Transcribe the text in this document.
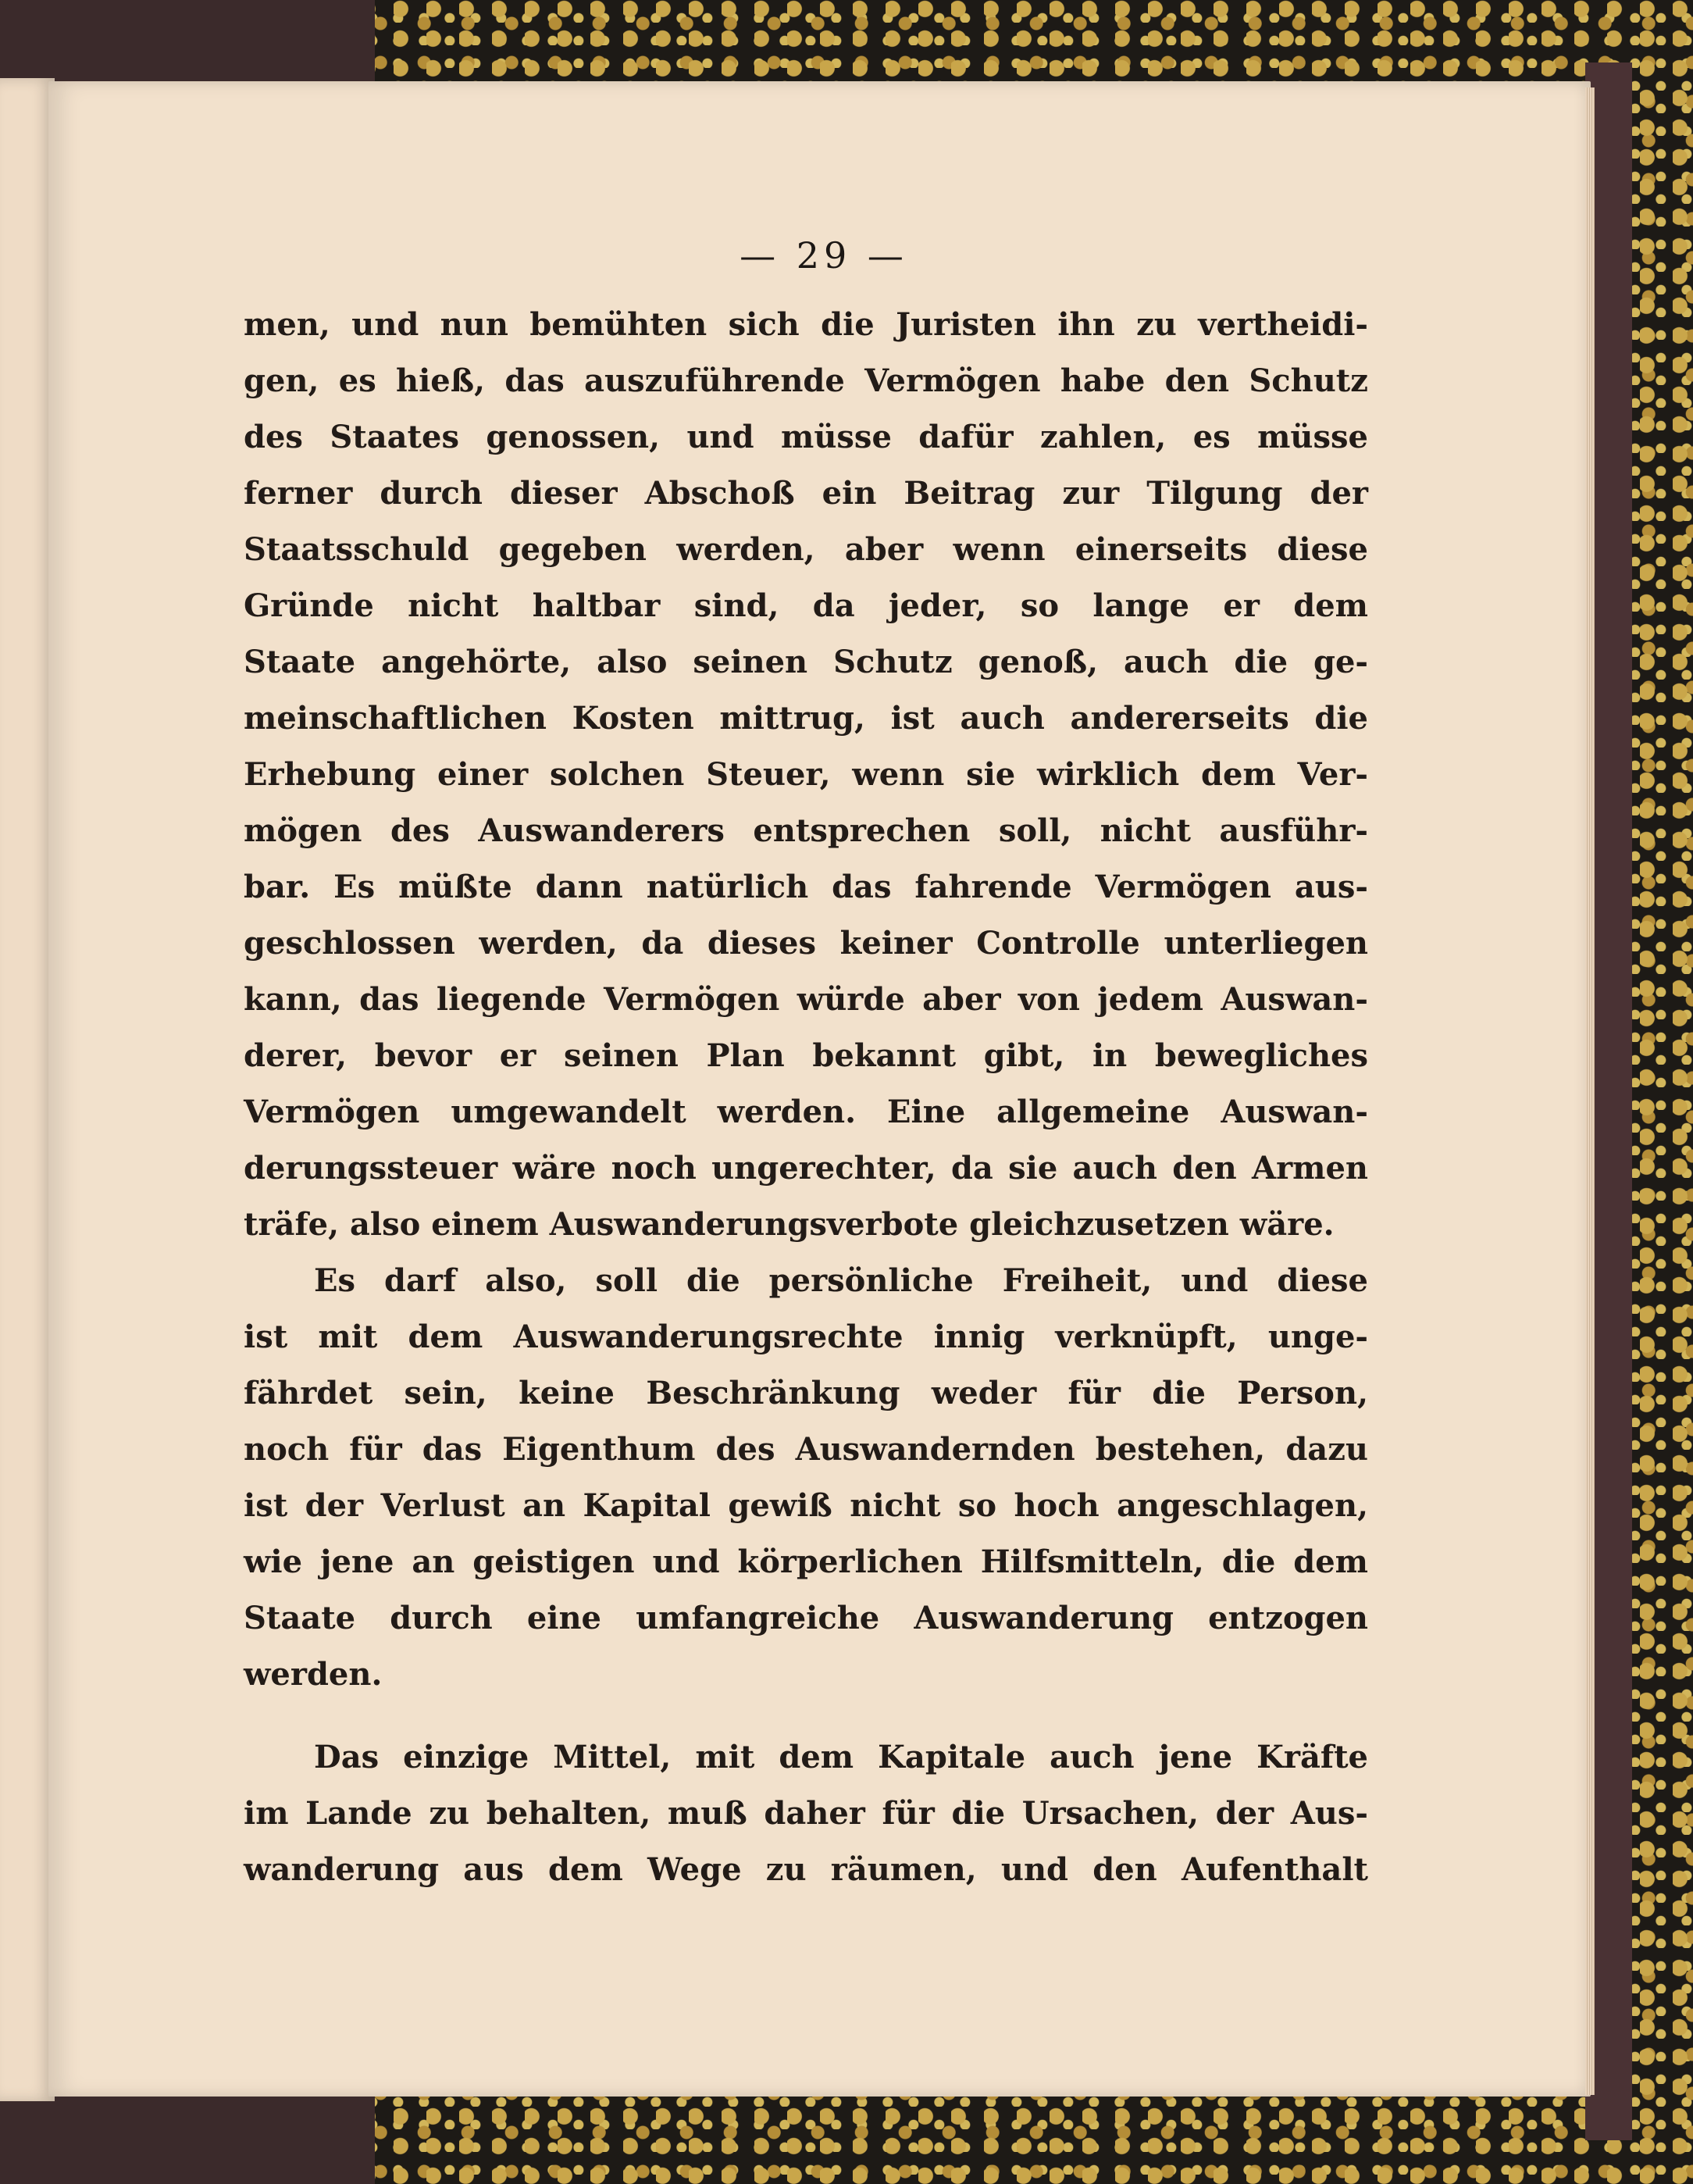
— 29 —
men, und nun bemühten sich die Juristen ihn zu vertheidi-
gen, es hieß, das auszuführende Vermögen habe den Schutz
des Staates genossen, und müsse dafür zahlen, es müsse
ferner durch dieser Abschoß ein Beitrag zur Tilgung der
Staatsschuld gegeben werden, aber wenn einerseits diese
Gründe nicht haltbar sind, da jeder, so lange er dem
Staate angehörte, also seinen Schutz genoß, auch die ge-
meinschaftlichen Kosten mittrug, ist auch andererseits die
Erhebung einer solchen Steuer, wenn sie wirklich dem Ver-
mögen des Auswanderers entsprechen soll, nicht ausführ-
bar. Es müßte dann natürlich das fahrende Vermögen aus-
geschlossen werden, da dieses keiner Controlle unterliegen
kann, das liegende Vermögen würde aber von jedem Auswan-
derer, bevor er seinen Plan bekannt gibt, in bewegliches
Vermögen umgewandelt werden. Eine allgemeine Auswan-
derungssteuer wäre noch ungerechter, da sie auch den Armen
träfe, also einem Auswanderungsverbote gleichzusetzen wäre.
Es darf also, soll die persönliche Freiheit, und diese
ist mit dem Auswanderungsrechte innig verknüpft, unge-
fährdet sein, keine Beschränkung weder für die Person,
noch für das Eigenthum des Auswandernden bestehen, dazu
ist der Verlust an Kapital gewiß nicht so hoch angeschlagen,
wie jene an geistigen und körperlichen Hilfsmitteln, die dem
Staate durch eine umfangreiche Auswanderung entzogen
werden.
Das einzige Mittel, mit dem Kapitale auch jene Kräfte
im Lande zu behalten, muß daher für die Ursachen, der Aus-
wanderung aus dem Wege zu räumen, und den Aufenthalt
